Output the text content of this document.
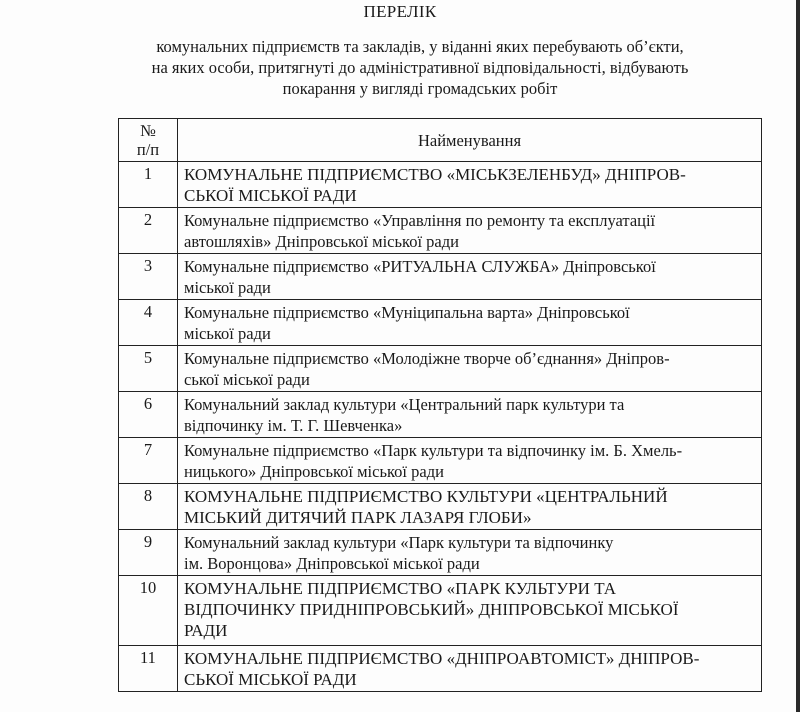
ПЕРЕЛІК
комунальних підприємств та закладів, у віданні яких перебувають об’єкти,
на яких особи, притягнуті до адміністративної відповідальності, відбувають
покарання у вигляді громадських робіт
№
п/п	Найменування
1	КОМУНАЛЬНЕ ПІДПРИЄМСТВО «МІСЬКЗЕЛЕНБУД» ДНІПРОВ-
СЬКОЇ МІСЬКОЇ РАДИ

2	Комунальне підприємство «Управління по ремонту та експлуатації
автошляхів» Дніпровської міської ради

3	Комунальне підприємство «РИТУАЛЬНА СЛУЖБА» Дніпровської
міської ради

4	Комунальне підприємство «Муніципальна варта» Дніпровської
міської ради

5	Комунальне підприємство «Молодіжне творче об’єднання» Дніпров-
ської міської ради

6	Комунальний заклад культури «Центральний парк культури та
відпочинку ім. Т. Г. Шевченка»

7	Комунальне підприємство «Парк культури та відпочинку ім. Б. Хмель-
ницького» Дніпровської міської ради

8	КОМУНАЛЬНЕ ПІДПРИЄМСТВО КУЛЬТУРИ «ЦЕНТРАЛЬНИЙ
МІСЬКИЙ ДИТЯЧИЙ ПАРК ЛАЗАРЯ ГЛОБИ»

9	Комунальний заклад культури «Парк культури та відпочинку
ім. Воронцова» Дніпровської міської ради

10	КОМУНАЛЬНЕ ПІДПРИЄМСТВО «ПАРК КУЛЬТУРИ ТА
ВІДПОЧИНКУ ПРИДНІПРОВСЬКИЙ» ДНІПРОВСЬКОЇ МІСЬКОЇ
РАДИ

11	КОМУНАЛЬНЕ ПІДПРИЄМСТВО «ДНІПРОАВТОМІСТ» ДНІПРОВ-
СЬКОЇ МІСЬКОЇ РАДИ
